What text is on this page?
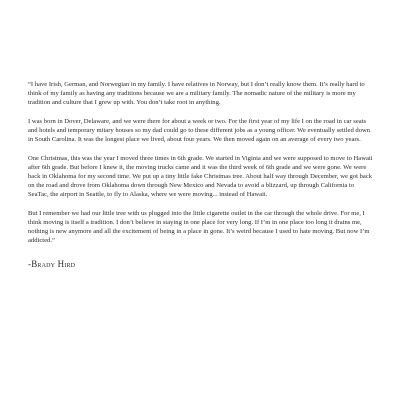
“I have Irish, German, and Norwegian in my family. I have relatives in Norway, but I don’t really know them. It’s really hard to think of my family as having any traditions because we are a military family. The nomadic nature of the military is more my tradition and culture that I grew up with. You don’t take root in anything.

I was born in Dover, Delaware, and we were there for about a week or two. For the first year of my life I on the road in car seats and hotels and temporary mitary houses so my dad could go to these different jobs as a young officer. We eventually settled down in South Carolina. It was the longest place we lived, about four years. We then moved again on an average of every two years.

One Christmas, this was the year I moved three times in 6th grade. We started in Viginia and we were supposed to move to Hawaii after 6th grade. But before I knew it, the moving trucks came and it was the third week of 6th grade and we were gone. We were back in Oklahoma for my second time. We put up a tiny little fake Christmas tree. About half way through December, we got back on the road and drove from Oklahoma down through New Mexico and Nevada to avoid a blizzard, up through California to SeaTac, the airport in Seattle, to fly to Alaska, where we were moving... instead of Hawaii.

But I remember we had our little tree with us plugged into the little cigarette outlet in the car through the whole drive. For me, I think moving is itself a tradition. I don’t believe in staying in one place for very long. If I’m in one place too long it drains me, nothing is new anymore and all the excitement of being in a place in gone. It’s weird because I used to hate moving. But now I’m addicted.”

-Brady Hird
